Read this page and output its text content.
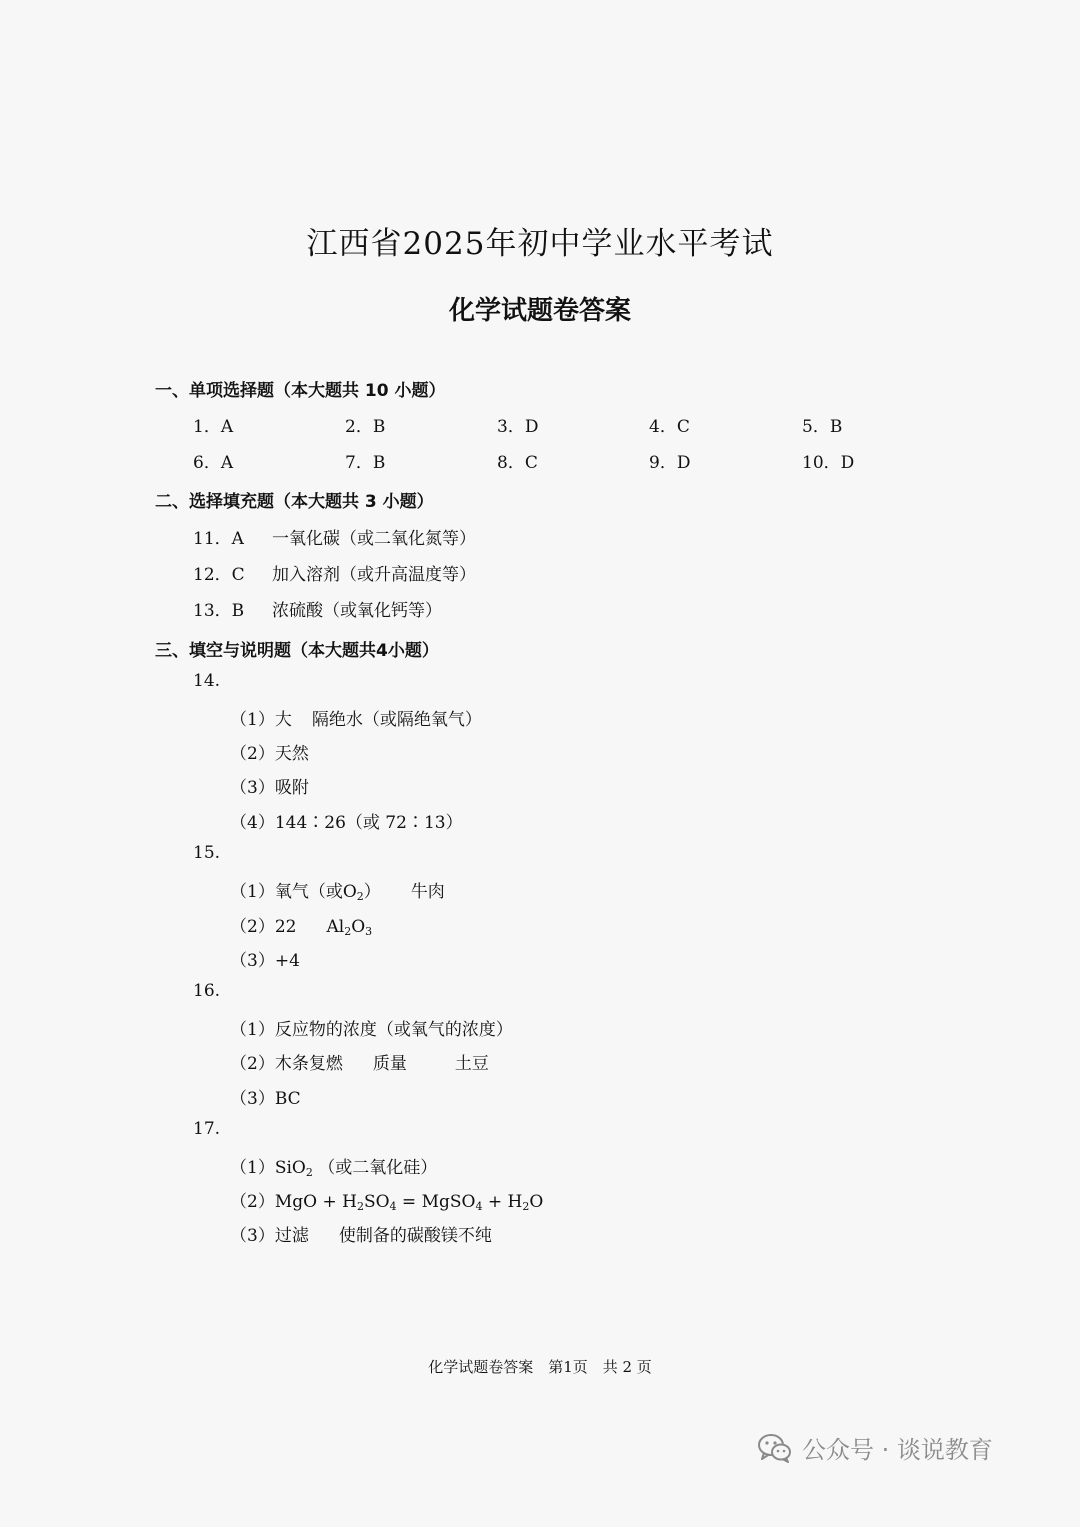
江西省2025年初中学业水平考试
化学试题卷答案
一、单项选择题（本大题共 10 小题）
1．A	2．B	3．D	4．C	5．B
6．A	7．B	8．C	9．D	10．D
二、选择填充题（本大题共 3 小题）
11．A 一氧化碳（或二氧化氮等）
12．C 加入溶剂（或升高温度等）
13．B 浓硫酸（或氧化钙等）
三、填空与说明题（本大题共4小题）
14.
（1）大 隔绝水（或隔绝氧气）
（2）天然
（3）吸附
（4）144∶26（或 72∶13）
15.
（1）氧气（或$O_2$） 牛肉
（2）22 $Al_2O_3$
（3）+4
16.
（1）反应物的浓度（或氧气的浓度）
（2）木条复燃 质量	土豆
（3）BC
17.
（1）SiO$_2$ （或二氧化硅）
$(2)MgO + H_2SO_4$ = MgSO$_4$ + $H_2O$
（3）过滤 使制备的碳酸镁不纯
化学试题卷答案　第1页　共 2 页
公众号 · 谈说教育
